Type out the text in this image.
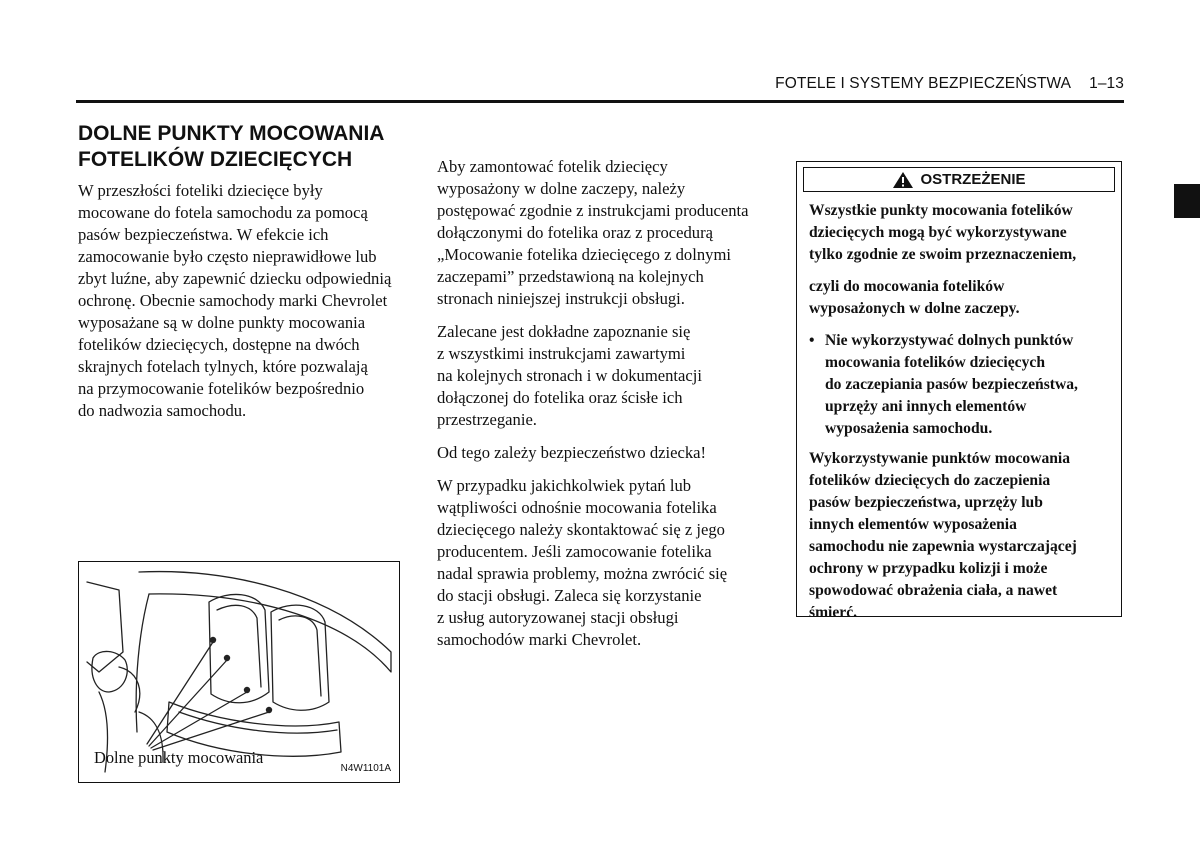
FOTELE I SYSTEMY BEZPIECZEŃSTWA 1–13
DOLNE PUNKTY MOCOWANIA
FOTELIKÓW DZIECIĘCYCH

W przeszłości foteliki dziecięce były
mocowane do fotela samochodu za pomocą
pasów bezpieczeństwa. W efekcie ich
zamocowanie było często nieprawidłowe lub
zbyt luźne, aby zapewnić dziecku odpowiednią
ochronę. Obecnie samochody marki Chevrolet
wyposażane są w dolne punkty mocowania
fotelików dziecięcych, dostępne na dwóch
skrajnych fotelach tylnych, które pozwalają
na przymocowanie fotelików bezpośrednio
do nadwozia samochodu.

Dolne punkty mocowania
N4W1101A

Aby zamontować fotelik dziecięcy
wyposażony w dolne zaczepy, należy
postępować zgodnie z instrukcjami producenta
dołączonymi do fotelika oraz z procedurą
„Mocowanie fotelika dziecięcego z dolnymi
zaczepami” przedstawioną na kolejnych
stronach niniejszej instrukcji obsługi.

Zalecane jest dokładne zapoznanie się
z wszystkimi instrukcjami zawartymi
na kolejnych stronach i w dokumentacji
dołączonej do fotelika oraz ścisłe ich
przestrzeganie.

Od tego zależy bezpieczeństwo dziecka!

W przypadku jakichkolwiek pytań lub
wątpliwości odnośnie mocowania fotelika
dziecięcego należy skontaktować się z jego
producentem. Jeśli zamocowanie fotelika
nadal sprawia problemy, można zwrócić się
do stacji obsługi. Zaleca się korzystanie
z usług autoryzowanej stacji obsługi
samochodów marki Chevrolet.

OSTRZEŻENIE

Wszystkie punkty mocowania fotelików
dziecięcych mogą być wykorzystywane
tylko zgodnie ze swoim przeznaczeniem,

czyli do mocowania fotelików
wyposażonych w dolne zaczepy.

• Nie wykorzystywać dolnych punktów
mocowania fotelików dziecięcych
do zaczepiania pasów bezpieczeństwa,
uprzęży ani innych elementów
wyposażenia samochodu.

Wykorzystywanie punktów mocowania
fotelików dziecięcych do zaczepienia
pasów bezpieczeństwa, uprzęży lub
innych elementów wyposażenia
samochodu nie zapewnia wystarczającej
ochrony w przypadku kolizji i może
spowodować obrażenia ciała, a nawet
śmierć.
